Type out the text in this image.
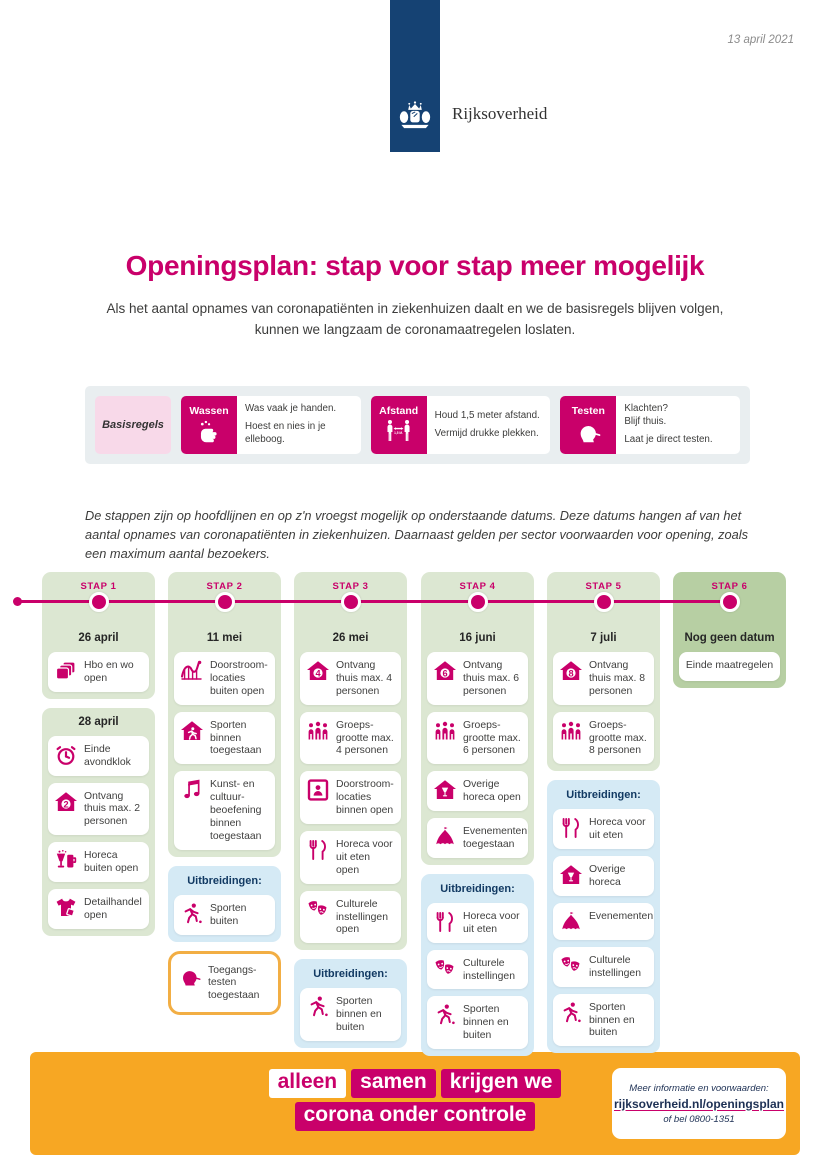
Rijksoverheid
13 april 2021
Openingsplan: stap voor stap meer mogelijk
Als het aantal opnames van coronapatiënten in ziekenhuizen daalt en we de basisregels blijven volgen, kunnen we langzaam de coronamaatregelen loslaten.
Basisregels
Wassen Was vaak je handen.
Hoest en nies in je elleboog.
Afstand
1,5 M.
Houd 1,5 meter afstand.
Vermijd drukke plekken.
Testen Klachten?
Blijf thuis.
Laat je direct testen.
De stappen zijn op hoofdlijnen en op z'n vroegst mogelijk op onderstaande datums. Deze datums hangen af van het aantal opnames van coronapatiënten in ziekenhuizen. Daarnaast gelden per sector voorwaarden voor opening, zoals een maximum aantal bezoekers.
STAP 1
26 april
Hbo en wo open
28 april
Einde avondklok
2
Ontvang thuis max. 2 personen
Horeca buiten open
Detailhandel open
STAP 2
11 mei
Doorstroom-locaties buiten open
Sporten binnen toegestaan
Kunst- en cultuur-beoefening binnen toegestaan
Uitbreidingen:
Sporten buiten
Toegangs-testen toegestaan
STAP 3
26 mei
4
Ontvang thuis max. 4 personen
Groeps-grootte max. 4 personen
Doorstroom-locaties binnen open
Horeca voor uit eten open
Culturele instellingen open
Uitbreidingen:
Sporten binnen en buiten
STAP 4
16 juni
6
Ontvang thuis max. 6 personen
Groeps-grootte max. 6 personen
Overige horeca open
Evenementen toegestaan
Uitbreidingen:
Horeca voor uit eten
Culturele instellingen
Sporten binnen en buiten
STAP 5
7 juli
8
Ontvang thuis max. 8 personen
Groeps-grootte max. 8 personen
Uitbreidingen:
Horeca voor uit eten
Overige horeca
Evenementen
Culturele instellingen
Sporten binnen en buiten
STAP 6
Nog geen datum
Einde maatregelen
alleen	samen	krijgen we
corona onder controle
Meer informatie en voorwaarden:
rijksoverheid.nl/openingsplan
of bel 0800-1351
